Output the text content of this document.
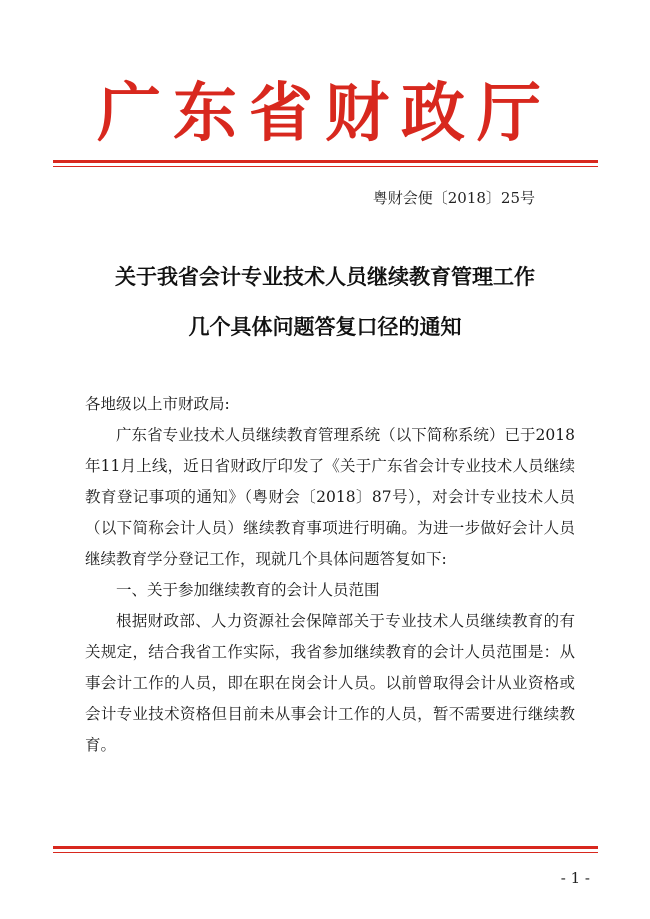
广东省财政厅
粤财会便〔2018〕25号
关于我省会计专业技术人员继续教育管理工作
几个具体问题答复口径的通知

各地级以上市财政局:

广东省专业技术人员继续教育管理系统（以下简称系统）已于2018年11月上线，近日省财政厅印发了《关于广东省会计专业技术人员继续教育登记事项的通知》（粤财会〔2018〕87号），对会计专业技术人员（以下简称会计人员）继续教育事项进行明确。为进一步做好会计人员继续教育学分登记工作，现就几个具体问题答复如下:

一、关于参加继续教育的会计人员范围

根据财政部、人力资源社会保障部关于专业技术人员继续教育的有关规定，结合我省工作实际，我省参加继续教育的会计人员范围是：从事会计工作的人员，即在职在岗会计人员。以前曾取得会计从业资格或会计专业技术资格但目前未从事会计工作的人员，暂不需要进行继续教育。

- 1 -
